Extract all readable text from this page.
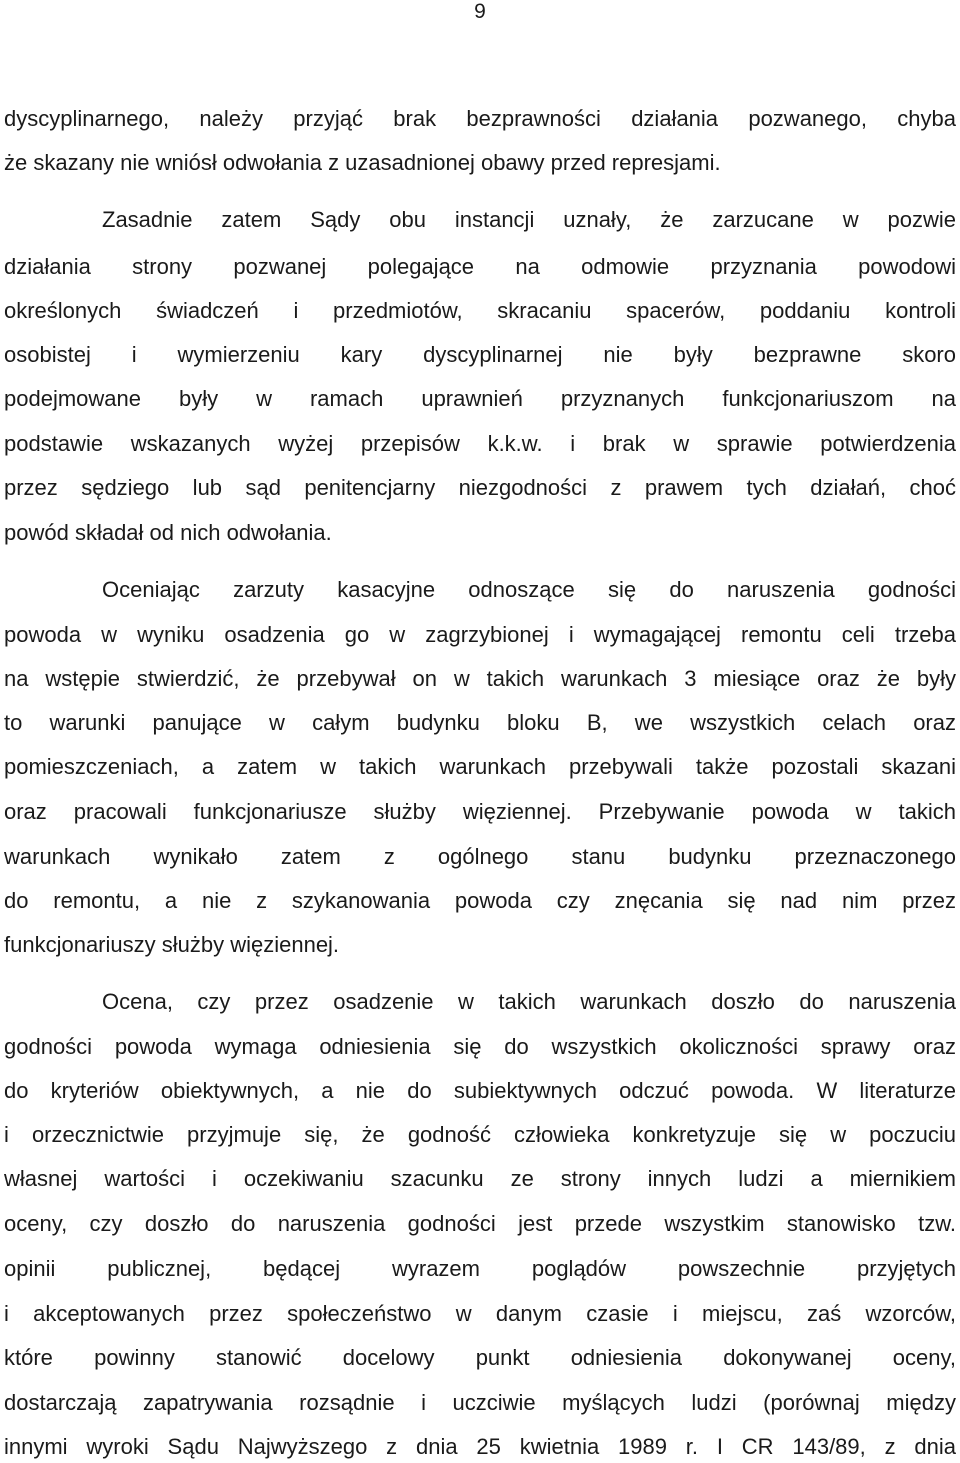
9
dyscyplinarnego, należy przyjąć brak bezprawności działania pozwanego, chyba
że skazany nie wniósł odwołania z uzasadnionej obawy przed represjami.
Zasadnie zatem Sądy obu instancji uznały, że zarzucane w pozwie
działania strony pozwanej polegające na odmowie przyznania powodowi
określonych świadczeń i przedmiotów, skracaniu spacerów, poddaniu kontroli
osobistej i wymierzeniu kary dyscyplinarnej nie były bezprawne skoro
podejmowane były w ramach uprawnień przyznanych funkcjonariuszom na
podstawie wskazanych wyżej przepisów k.k.w. i brak w sprawie potwierdzenia
przez sędziego lub sąd penitencjarny niezgodności z prawem tych działań, choć
powód składał od nich odwołania.
Oceniając zarzuty kasacyjne odnoszące się do naruszenia godności
powoda w wyniku osadzenia go w zagrzybionej i wymagającej remontu celi trzeba
na wstępie stwierdzić, że przebywał on w takich warunkach 3 miesiące oraz że były
to warunki panujące w całym budynku bloku B, we wszystkich celach oraz
pomieszczeniach, a zatem w takich warunkach przebywali także pozostali skazani
oraz pracowali funkcjonariusze służby więziennej. Przebywanie powoda w takich
warunkach wynikało zatem z ogólnego stanu budynku przeznaczonego
do remontu, a nie z szykanowania powoda czy znęcania się nad nim przez
funkcjonariuszy służby więziennej.
Ocena, czy przez osadzenie w takich warunkach doszło do naruszenia
godności powoda wymaga odniesienia się do wszystkich okoliczności sprawy oraz
do kryteriów obiektywnych, a nie do subiektywnych odczuć powoda. W literaturze
i orzecznictwie przyjmuje się, że godność człowieka konkretyzuje się w poczuciu
własnej wartości i oczekiwaniu szacunku ze strony innych ludzi a miernikiem
oceny, czy doszło do naruszenia godności jest przede wszystkim stanowisko tzw.
opinii publicznej, będącej wyrazem poglądów powszechnie przyjętych
i akceptowanych przez społeczeństwo w danym czasie i miejscu, zaś wzorców,
które powinny stanowić docelowy punkt odniesienia dokonywanej oceny,
dostarczają zapatrywania rozsądnie i uczciwie myślących ludzi (porównaj między
innymi wyroki Sądu Najwyższego z dnia 25 kwietnia 1989 r. I CR 143/89, z dnia
